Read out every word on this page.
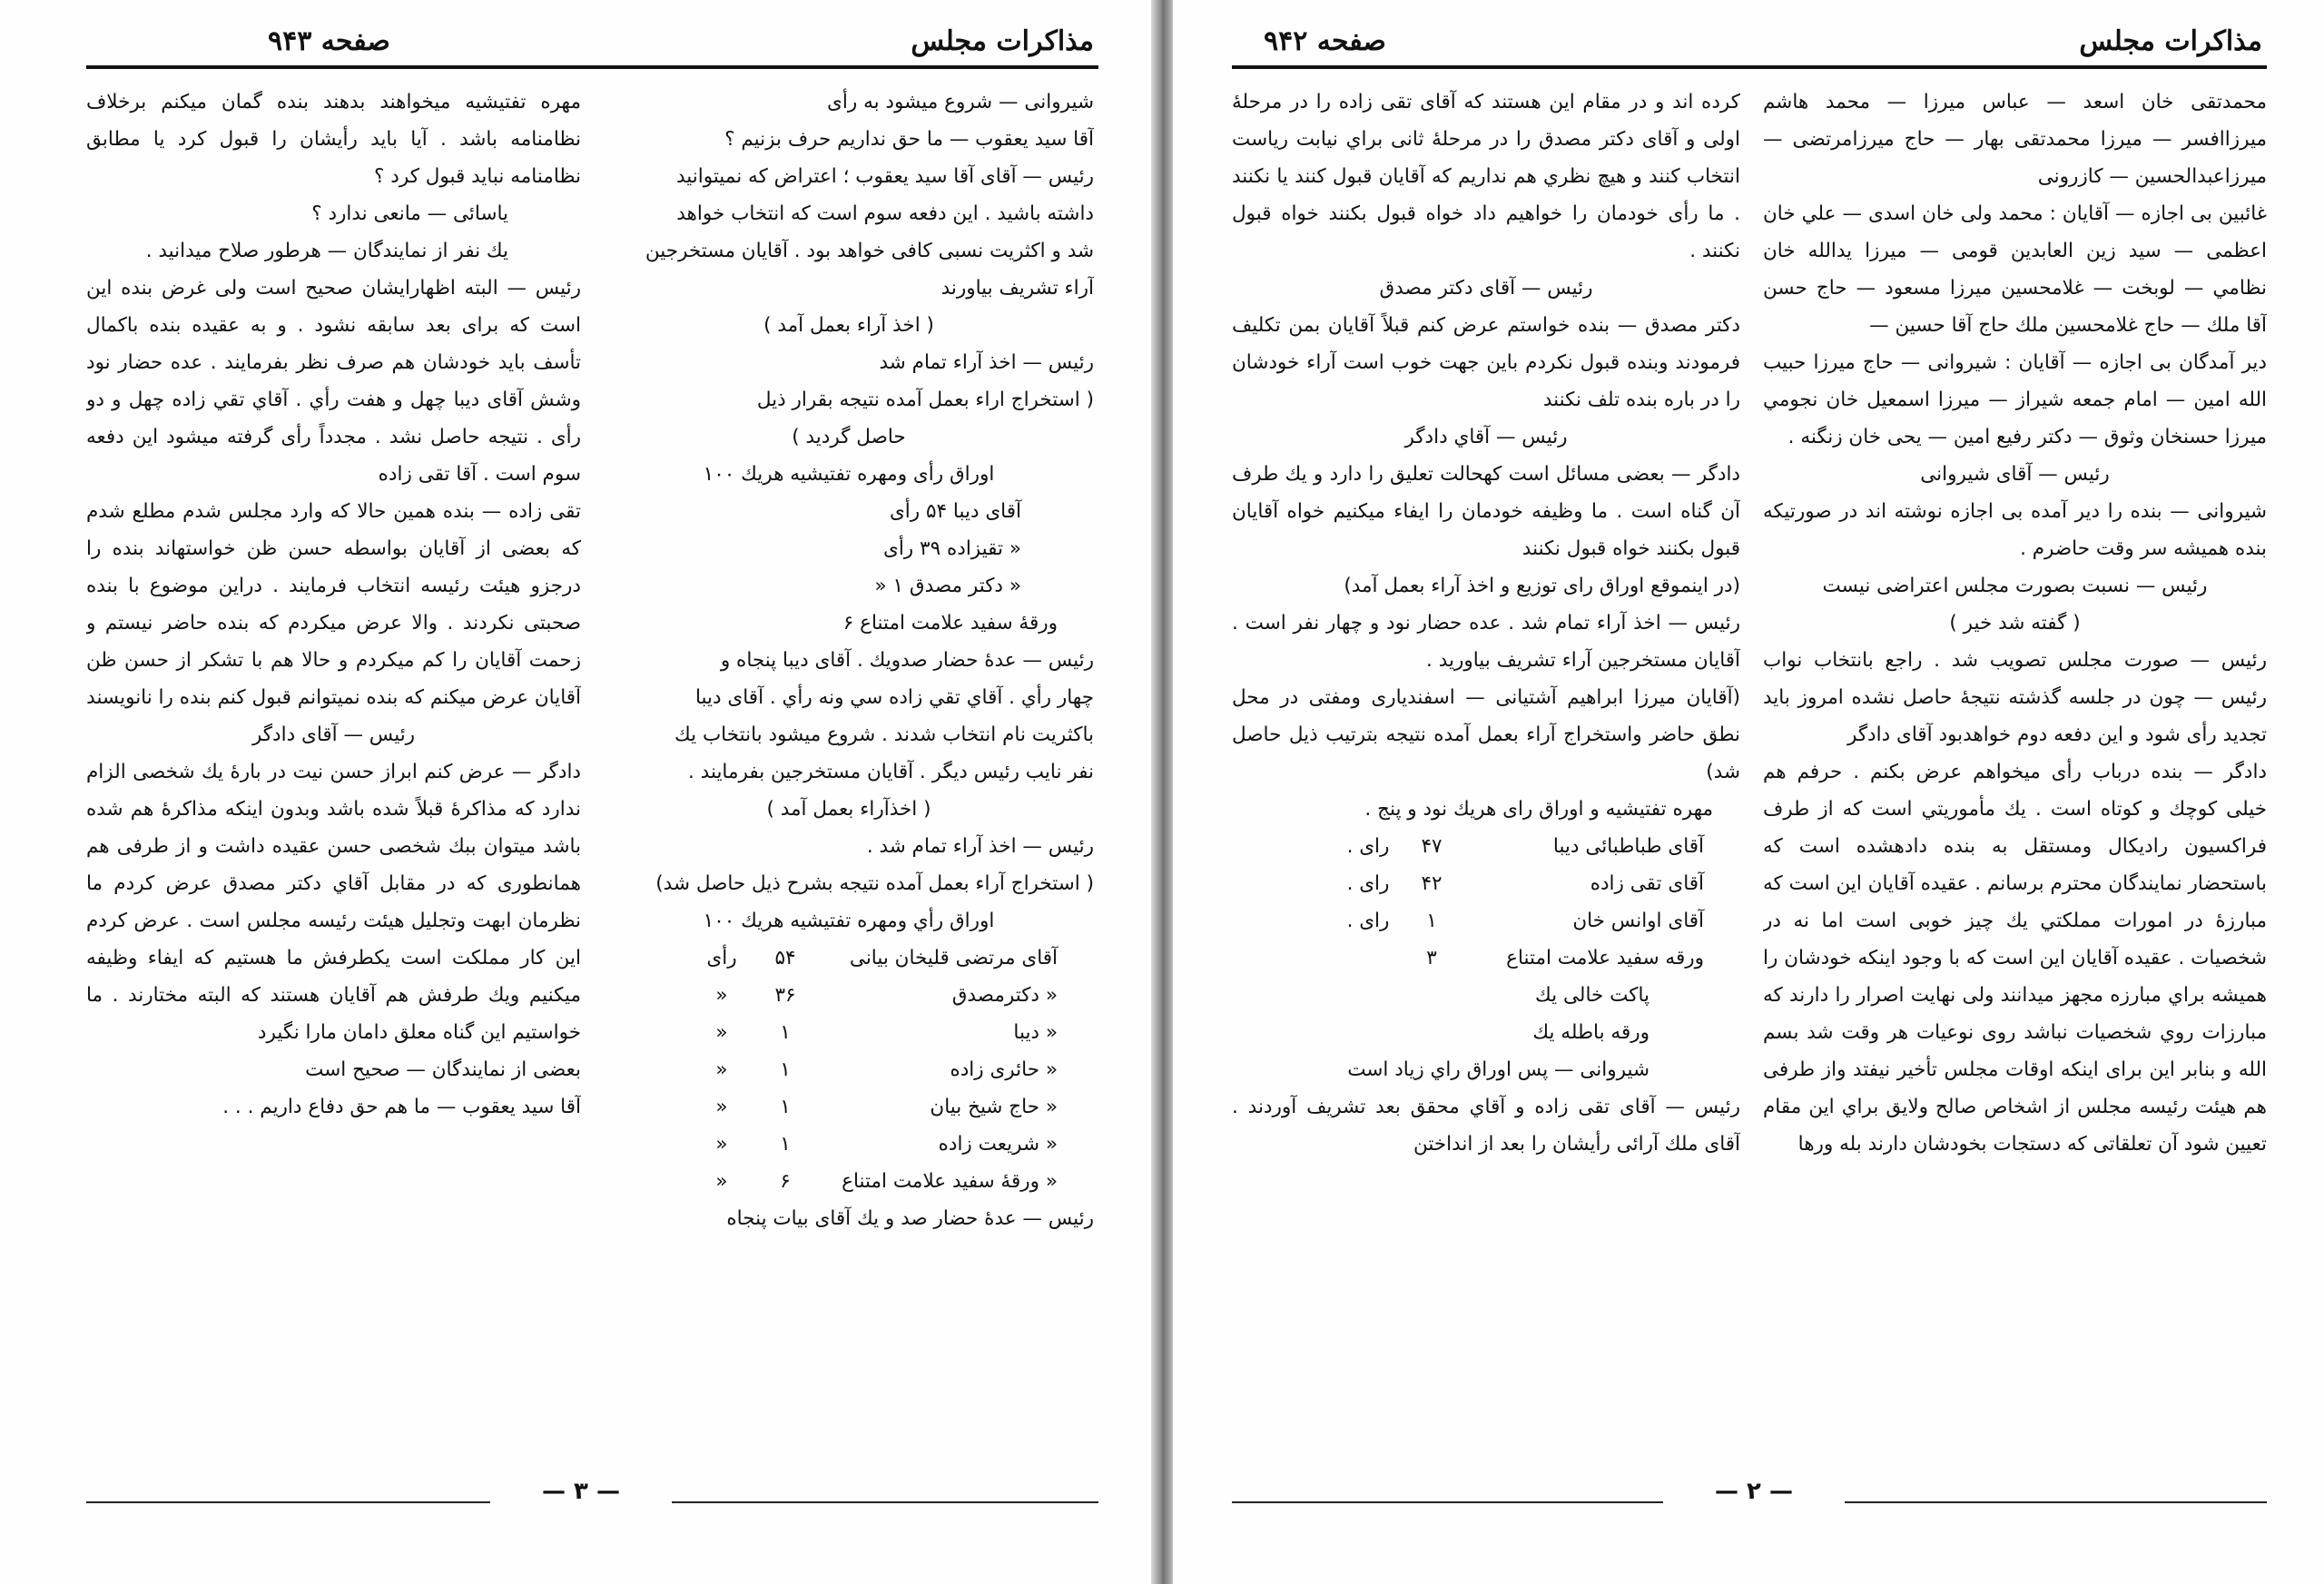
مذاکرات مجلس
صفحه ۹۴۳

شیروانی — شروع میشود به رأی

آقا سید یعقوب — ما حق نداریم حرف بزنیم ؟

رئیس — آقای آقا سید یعقوب ؛ اعتراض که نمیتوانید

داشته باشید . این دفعه سوم است که انتخاب خواهد

شد و اکثریت نسبی کافی خواهد بود . آقایان مستخرجین

آراء تشریف بیاورند

( اخذ آراء بعمل آمد )

رئیس — اخذ آراء تمام شد

( استخراج اراء بعمل آمده نتیجه بقرار ذیل

حاصل گردید )

اوراق رأی ومهره تفتیشیه هریك ۱۰۰

آقای دیبا ۵۴ رأی

« تقیزاده ۳۹ رأی

« دکتر مصدق ۱ «

ورقهٔ سفید علامت امتناع ۶

رئیس — عدهٔ حضار صدویك . آقای دیبا پنجاه و

چهار رأي . آقاي تقي زاده سي ونه رأي . آقای دیبا

باکثریت نام انتخاب شدند . شروع میشود بانتخاب یك

نفر نایب رئیس دیگر . آقایان مستخرجین بفرمایند .

( اخذآراء بعمل آمد )

رئیس — اخذ آراء تمام شد .

( استخراج آراء بعمل آمده نتیجه بشرح ذیل حاصل شد)

اوراق رأي ومهره تفتیشیه هریك ۱۰۰

آقای مرتضی قلیخان بیانی
۵۴
رأی
« دکترمصدق
۳۶
«
« دیبا
۱
«
« حائری زاده
۱
«
« حاج شیخ بیان
۱
«
« شریعت زاده
۱
«
« ورقهٔ سفید علامت امتناع
۶
«

رئیس — عدهٔ حضار صد و یك آقای بیات پنجاه

مهره تفتیشیه میخواهند بدهند بنده گمان میکنم برخلاف نظامنامه باشد . آیا باید رأیشان را قبول کرد یا مطابق نظامنامه نباید قبول کرد ؟

یاسائی — مانعی ندارد ؟

یك نفر از نمایندگان — هرطور صلاح میدانید .

رئیس — البته اظهارایشان صحیح است ولی غرض بنده این است که برای بعد سابقه نشود . و به عقیده بنده باکمال تأسف باید خودشان هم صرف نظر بفرمایند . عده حضار نود وشش آقای دیبا چهل و هفت رأي . آقاي تقي زاده چهل و دو رأی . نتیجه حاصل نشد . مجدداً رأی گرفته میشود این دفعه سوم است . آقا تقی زاده

تقی زاده — بنده همین حالا که وارد مجلس شدم مطلع شدم که بعضی از آقایان بواسطه حسن ظن خواستهاند بنده را درجزو هیئت رئیسه انتخاب فرمایند . دراین موضوع با بنده صحبتی نکردند . والا عرض میکردم که بنده حاضر نیستم و زحمت آقایان را کم میکردم و حالا هم با تشکر از حسن ظن آقایان عرض میکنم که بنده نمیتوانم قبول کنم بنده را نانویسند

رئیس — آقای دادگر

دادگر — عرض کنم ابراز حسن نیت در بارهٔ یك شخصی الزام ندارد که مذاکرهٔ قبلاً شده باشد وبدون اینکه مذاکرهٔ هم شده باشد میتوان ببك شخصی حسن عقیده داشت و از طرفی هم همانطوری که در مقابل آقاي دکتر مصدق عرض کردم ما نظرمان ابهت وتجلیل هیئت رئیسه مجلس است . عرض کردم این کار مملکت است یکطرفش ما هستیم که ایفاء وظیفه میکنیم ویك طرفش هم آقایان هستند که البته مختارند . ما خواستیم این گناه معلق دامان مارا نگیرد

بعضی از نمایندگان — صحیح است

آقا سید یعقوب — ما هم حق دفاع داریم . . .

— ۳ —
مذاکرات مجلس
صفحه ۹۴۲

محمدتقی خان اسعد — عباس میرزا — محمد هاشم میرزاافسر — میرزا محمدتقی بهار — حاج میرزامرتضی — میرزاعبدالحسین — کازرونی

غائبین بی اجازه — آقایان : محمد ولی خان اسدی — علي خان اعظمی — سید زین العابدین قومی — میرزا یدالله خان نظامي — لوبخت — غلامحسین میرزا مسعود — حاج حسن آقا ملك — حاج غلامحسین ملك حاج آقا حسین —

دیر آمدگان بی اجازه — آقایان : شیروانی — حاج میرزا حبیب الله امین — امام جمعه شیراز — میرزا اسمعیل خان نجومي میرزا حسنخان وثوق — دکتر رفیع امین — یحی خان زنگنه .

رئیس — آقای شیروانی

شیروانی — بنده را دیر آمده بی اجازه نوشته اند در صورتیکه بنده همیشه سر وقت حاضرم .

رئیس — نسبت بصورت مجلس اعتراضی نیست

( گفته شد خیر )

رئیس — صورت مجلس تصویب شد . راجع بانتخاب نواب رئیس — چون در جلسه گذشته نتیجهٔ حاصل نشده امروز باید تجدید رأی شود و این دفعه دوم خواهدبود آقای دادگر

دادگر — بنده درباب رأی میخواهم عرض بکنم . حرفم هم خیلی کوچك و کوتاه است . یك مأموریتي است که از طرف فراکسیون رادیکال ومستقل به بنده دادهشده است که باستحضار نمایندگان محترم برسانم . عقیده آقایان این است که مبارزهٔ در امورات مملکتي یك چیز خوبی است اما نه در شخصیات . عقیده آقایان این است که با وجود اینکه خودشان را همیشه براي مبارزه مجهز میدانند ولی نهایت اصرار را دارند که مبارزات روي شخصیات نباشد روی نوعیات هر وقت شد بسم الله و بنابر این برای اینکه اوقات مجلس تأخیر نیفتد واز طرفی هم هیئت رئیسه مجلس از اشخاص صالح ولایق براي این مقام تعیین شود آن تعلقاتی که دستجات بخودشان دارند بله ورها

کرده اند و در مقام این هستند که آقای تقی زاده را در مرحلهٔ اولی و آقای دکتر مصدق را در مرحلهٔ ثانی براي نیابت ریاست انتخاب کنند و هیچ نظري هم نداریم که آقایان قبول کنند یا نکنند . ما رأی خودمان را خواهیم داد خواه قبول بکنند خواه قبول نکنند .

رئیس — آقای دکتر مصدق

دکتر مصدق — بنده خواستم عرض کنم قبلاً آقایان بمن تکلیف فرمودند وبنده قبول نکردم باین جهت خوب است آراء خودشان را در باره بنده تلف نکنند

رئیس — آقاي دادگر

دادگر — بعضی مسائل است کهحالت تعلیق را دارد و یك طرف آن گناه است . ما وظیفه خودمان را ایفاء میکنیم خواه آقایان قبول بکنند خواه قبول نکنند

(در اینموقع اوراق رای توزیع و اخذ آراء بعمل آمد)

رئیس — اخذ آراء تمام شد . عده حضار نود و چهار نفر است . آقایان مستخرجین آراء تشریف بیاورید .

(آقایان میرزا ابراهیم آشتیانی — اسفندیاری ومفتی در محل نطق حاضر واستخراج آراء بعمل آمده نتیجه بترتیب ذیل حاصل شد)

مهره تفتیشیه و اوراق رای هریك نود و پنج .

آقای طباطبائی دیبا
۴۷
رای .
آقای تقی زاده
۴۲
رای .
آقای اوانس خان
۱
رای .
ورقه سفید علامت امتناع
۳

پاکت خالی یك

ورقه باطله یك

شیروانی — پس اوراق راي زیاد است

رئیس — آقای تقی زاده و آقاي محقق بعد تشریف آوردند . آقای ملك آرائی رأیشان را بعد از انداختن

— ۲ —
